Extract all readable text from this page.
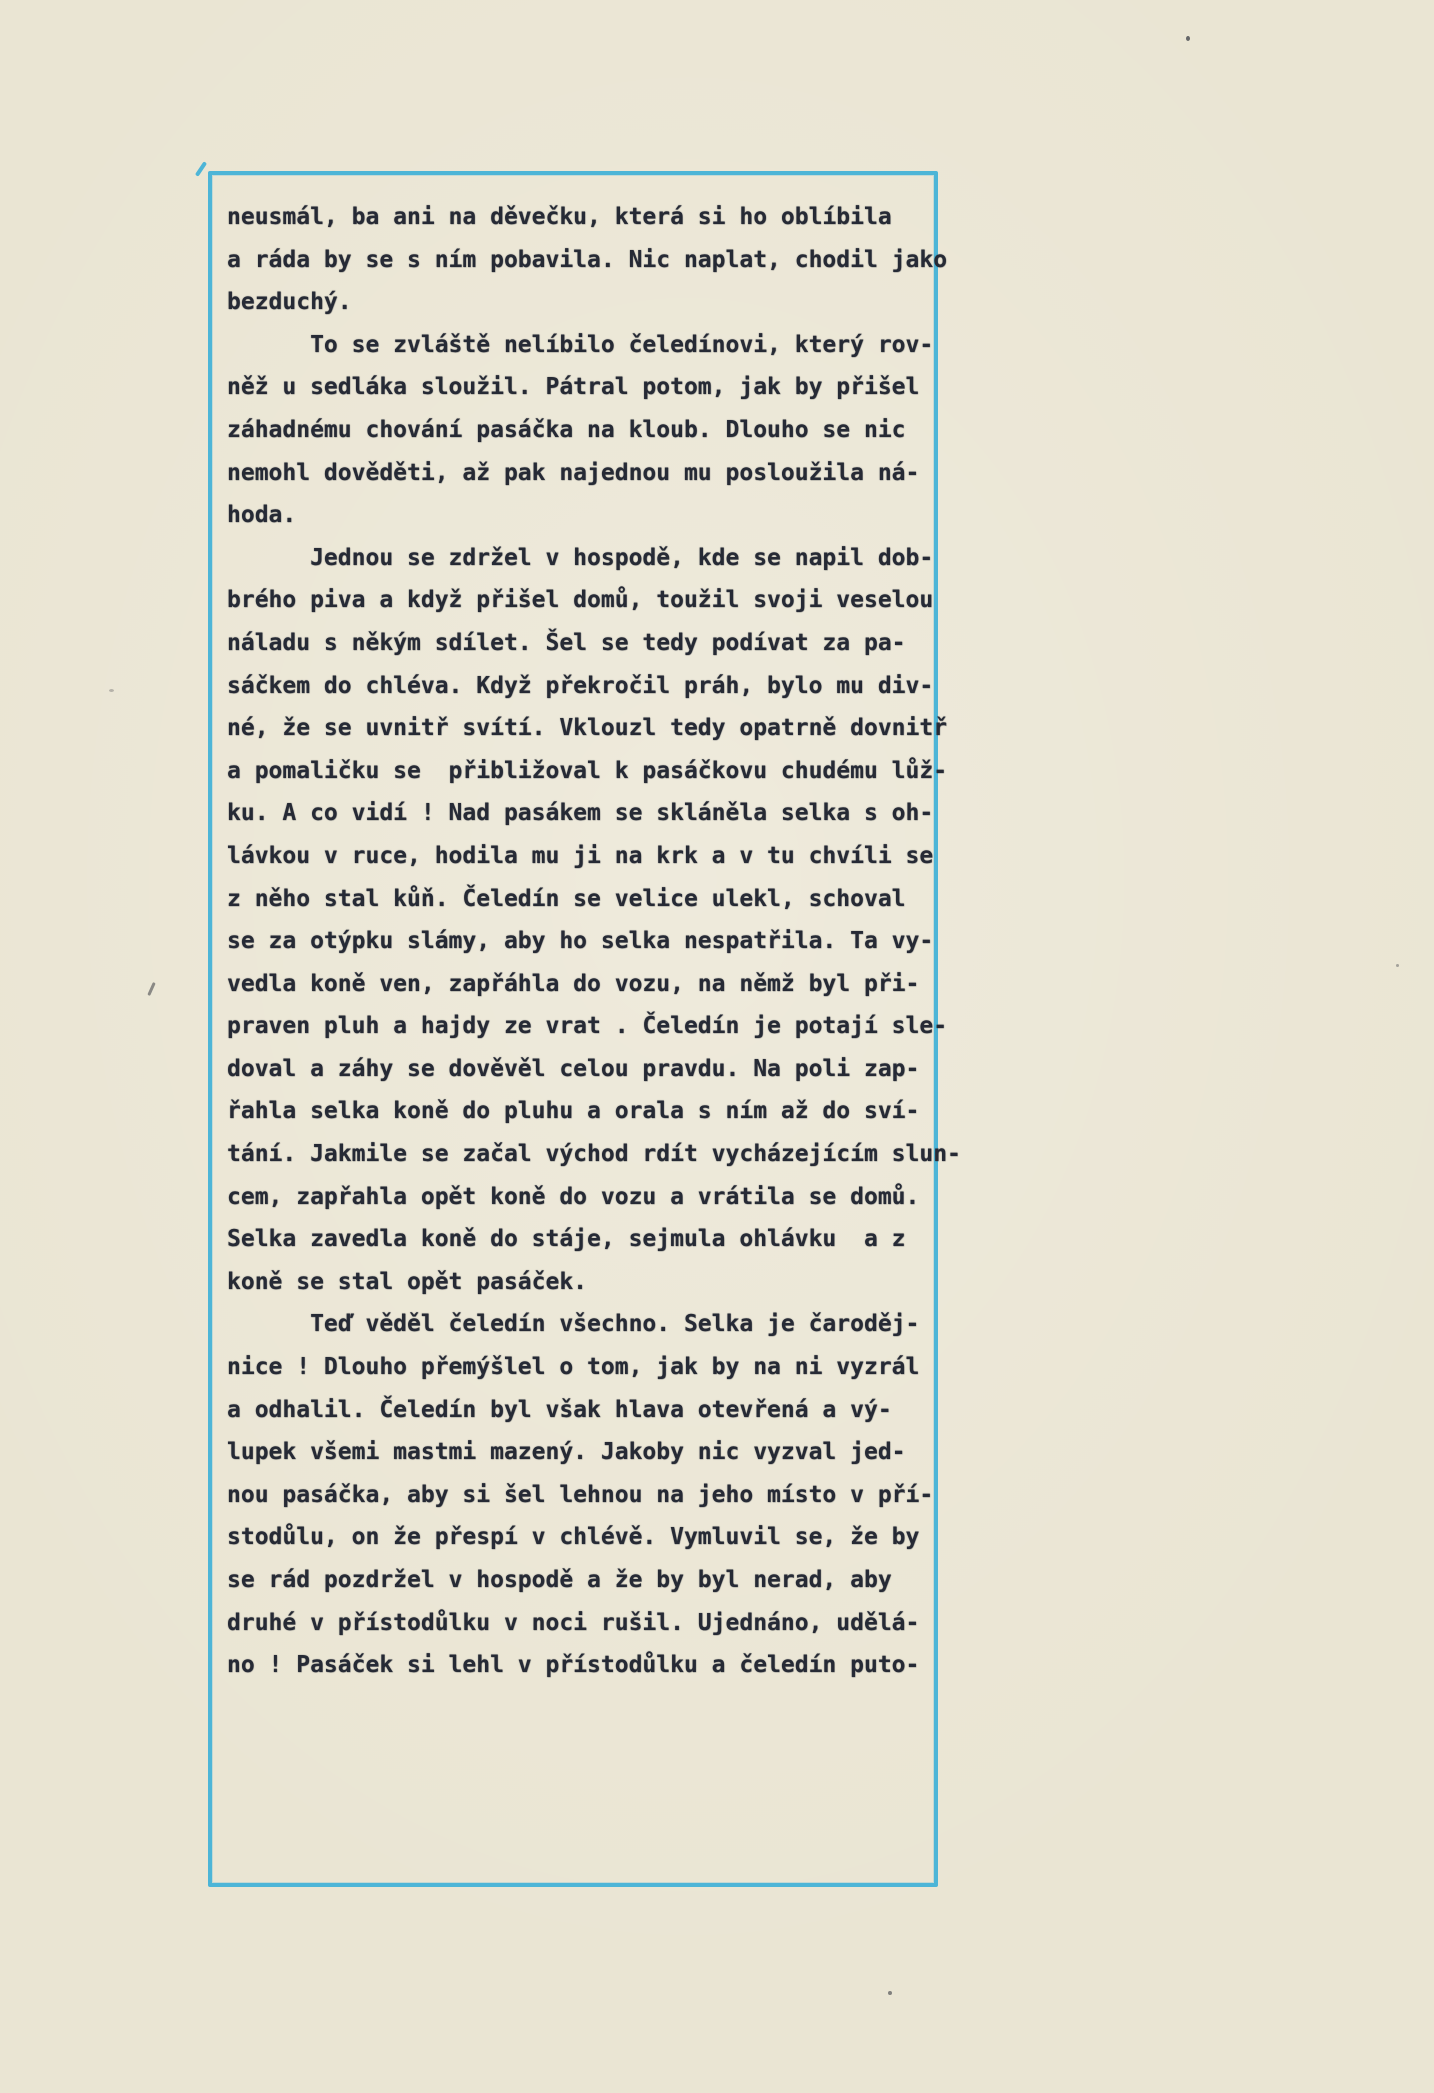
neusmál, ba ani na děvečku, která si ho oblíbila
a ráda by se s ním pobavila. Nic naplat, chodil jako
bezduchý.
To se zvláště nelíbilo čeledínovi, který rov-
něž u sedláka sloužil. Pátral potom, jak by přišel
záhadnému chování pasáčka na kloub. Dlouho se nic
nemohl dověděti, až pak najednou mu posloužila ná-
hoda.
Jednou se zdržel v hospodě, kde se napil dob-
brého piva a když přišel domů, toužil svoji veselou
náladu s někým sdílet. Šel se tedy podívat za pa-
sáčkem do chléva. Když překročil práh, bylo mu div-
né, že se uvnitř svítí. Vklouzl tedy opatrně dovnitř
a pomaličku se  přibližoval k pasáčkovu chudému lůž-
ku. A co vidí ! Nad pasákem se skláněla selka s oh-
lávkou v ruce, hodila mu ji na krk a v tu chvíli se
z něho stal kůň. Čeledín se velice ulekl, schoval
se za otýpku slámy, aby ho selka nespatřila. Ta vy-
vedla koně ven, zapřáhla do vozu, na němž byl při-
praven pluh a hajdy ze vrat . Čeledín je potají sle-
doval a záhy se dověvěl celou pravdu. Na poli zap-
řahla selka koně do pluhu a orala s ním až do sví-
tání. Jakmile se začal východ rdít vycházejícím slun-
cem, zapřahla opět koně do vozu a vrátila se domů.
Selka zavedla koně do stáje, sejmula ohlávku  a z
koně se stal opět pasáček.
Teď věděl čeledín všechno. Selka je čaroděj-
nice ! Dlouho přemýšlel o tom, jak by na ni vyzrál
a odhalil. Čeledín byl však hlava otevřená a vý-
lupek všemi mastmi mazený. Jakoby nic vyzval jed-
nou pasáčka, aby si šel lehnou na jeho místo v pří-
stodůlu, on že přespí v chlévě. Vymluvil se, že by
se rád pozdržel v hospodě a že by byl nerad, aby
druhé v přístodůlku v noci rušil. Ujednáno, udělá-
no ! Pasáček si lehl v přístodůlku a čeledín puto-
